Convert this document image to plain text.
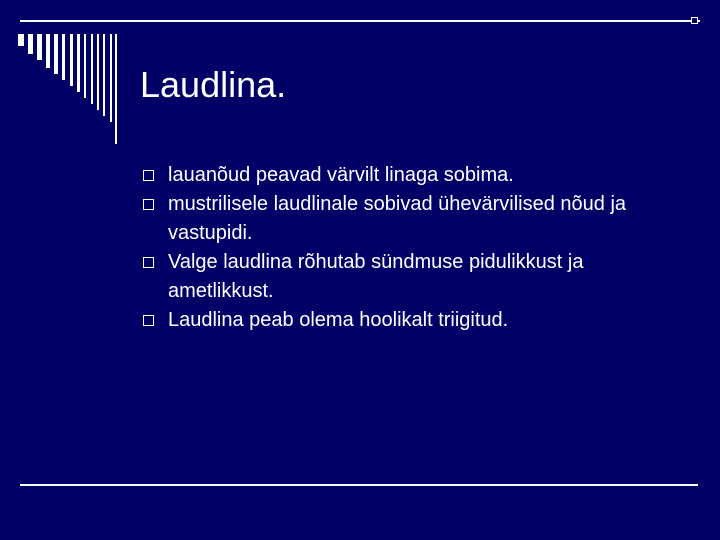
Laudlina.
lauanõud peavad värvilt linaga sobima.
mustrilisele laudlinale sobivad ühevärvilised nõud ja vastupidi.
Valge laudlina rõhutab sündmuse pidulikkust ja ametlikkust.
Laudlina peab olema hoolikalt triigitud.
